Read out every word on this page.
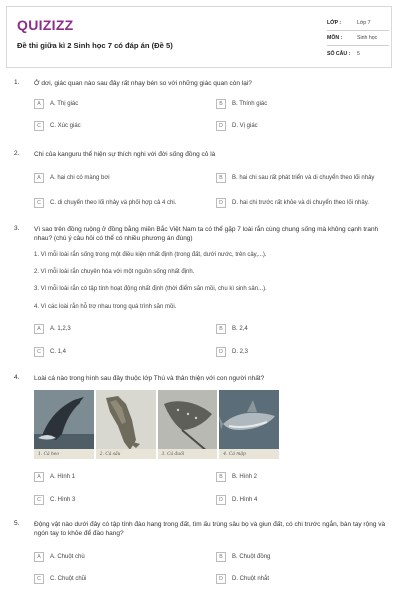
QUIZIZZ
Đề thi giữa kì 2 Sinh học 7 có đáp án (Đề 5)
LỚP :	Lớp 7
MÔN :	Sinh học
SỐ CÂU :	5
1. Ở dơi, giác quan nào sau đây rất nhạy bén so với những giác quan còn lại?
A	A. Thị giác	B	B. Thính giác
C	C. Xúc giác	D	D. Vị giác
2. Chi của kanguru thể hiện sự thích nghi với đời sống đồng cỏ là
A	A. hai chi có màng bơi	B	B. hai chi sau rất phát triển và di chuyển theo lối nhảy
C	C. di chuyển theo lối nhảy và phối hợp cả 4 chi.	D	D. hai chi trước rất khỏe và di chuyển theo lối nhảy.
3. Vì sao trên đồng ruộng ở đồng bằng miền Bắc Việt Nam ta có thể gặp 7 loài rắn cùng chung sống mà không cạnh tranh nhau? (chú ý câu hỏi có thể có nhiều phương án đúng)
1. Vì mỗi loài rắn sống trong một điều kiện nhất định (trong đất, dưới nước, trên cây,...).
2. Vì mỗi loài rắn chuyên hóa với một nguồn sống nhất định.
3. Vì mỗi loài rắn có tập tính hoạt động nhất định (thời điểm săn mồi, chu kì sinh sản...).
4. Vì các loài rắn hỗ trợ nhau trong quá trình săn mồi.
A	A. 1,2,3	B	B. 2,4
C	C. 1,4	D	D. 2,3
4. Loài cá nào trong hình sau đây thuộc lớp Thú và thân thiện với con người nhất?
1. Cá heo	2. Cá sấu	3. Cá đuối	4. Cá mập
A	A. Hình 1	B	B. Hình 2
C	C. Hình 3	D	D. Hình 4
5. Động vật nào dưới đây có tập tính đào hang trong đất, tìm ấu trùng sâu bọ và giun đất, có chi trước ngắn, bàn tay rộng và ngón tay to khỏe để đào hang?
A	A. Chuột chù	B	B. Chuột đồng
C	C. Chuột chũi	D	D. Chuột nhắt
